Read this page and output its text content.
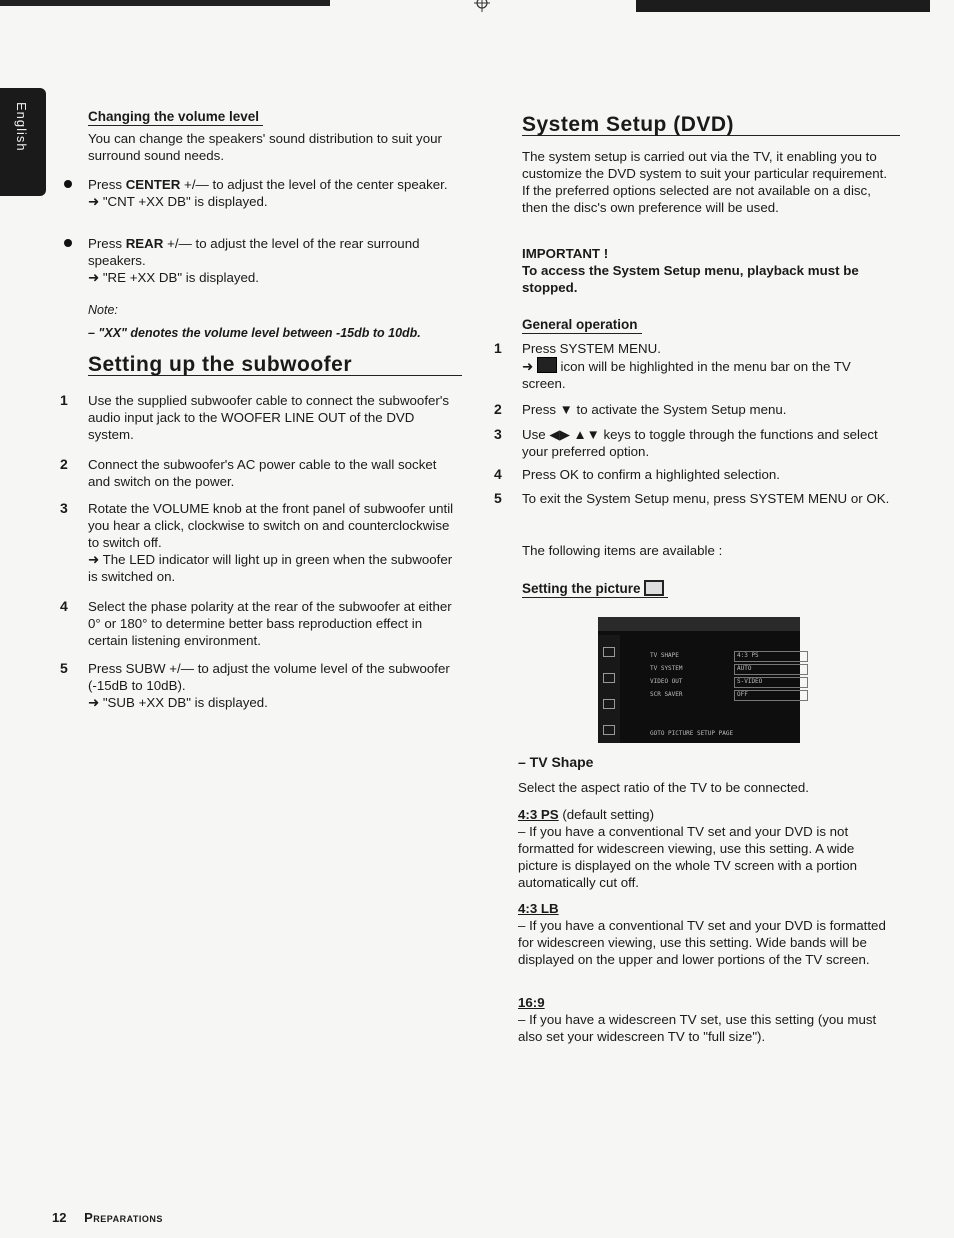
English	Changing the volume level

You can change the speakers' sound distribution to suit your surround sound needs.

Press CENTER +/— to adjust the level of the center speaker.

➜ "CNT +XX DB" is displayed.

Press REAR +/— to adjust the level of the rear surround speakers.

➜ "RE +XX DB" is displayed.

Note:

– "XX" denotes the volume level between -15db to 10db.

Setting up the subwoofer

1 Use the supplied subwoofer cable to connect the subwoofer's audio input jack to the WOOFER LINE OUT of the DVD system.

2 Connect the subwoofer's AC power cable to the wall socket and switch on the power.

3 Rotate the VOLUME knob at the front panel of subwoofer until you hear a click, clockwise to switch on and counterclockwise to switch off.

➜ The LED indicator will light up in green when the subwoofer is switched on.

4 Select the phase polarity at the rear of the subwoofer at either 0° or 180° to determine better bass reproduction effect in certain listening environment.

5 Press SUBW +/— to adjust the volume level of the subwoofer (-15dB to 10dB).

➜ "SUB +XX DB" is displayed.

System Setup (DVD)

The system setup is carried out via the TV, it enabling you to customize the DVD system to suit your particular requirement. If the preferred options selected are not available on a disc, then the disc's own preference will be used.

IMPORTANT !

To access the System Setup menu, playback must be stopped.

General operation

1 Press SYSTEM MENU.

➜  icon will be highlighted in the menu bar on the TV screen.

2 Press ▼ to activate the System Setup menu.

3 Use ◀▶ ▲▼ keys to toggle through the functions and select your preferred option.

4 Press OK to confirm a highlighted selection.

5 To exit the System Setup menu, press SYSTEM MENU or OK.

The following items are available :

Setting the picture
TV SHAPE
TV SYSTEM
VIDEO OUT
SCR SAVER
4:3 PS
AUTO
S-VIDEO
OFF
GOTO PICTURE SETUP PAGE

– TV Shape

Select the aspect ratio of the TV to be connected.

4:3 PS (default setting)

– If you have a conventional TV set and your DVD is not formatted for widescreen viewing, use this setting. A wide picture is displayed on the whole TV screen with a portion automatically cut off.

4:3 LB

– If you have a conventional TV set and your DVD is formatted for widescreen viewing, use this setting. Wide bands will be displayed on the upper and lower portions of the TV screen.

16:9

– If you have a widescreen TV set, use this setting (you must also set your widescreen TV to "full size").

12 Preparations
